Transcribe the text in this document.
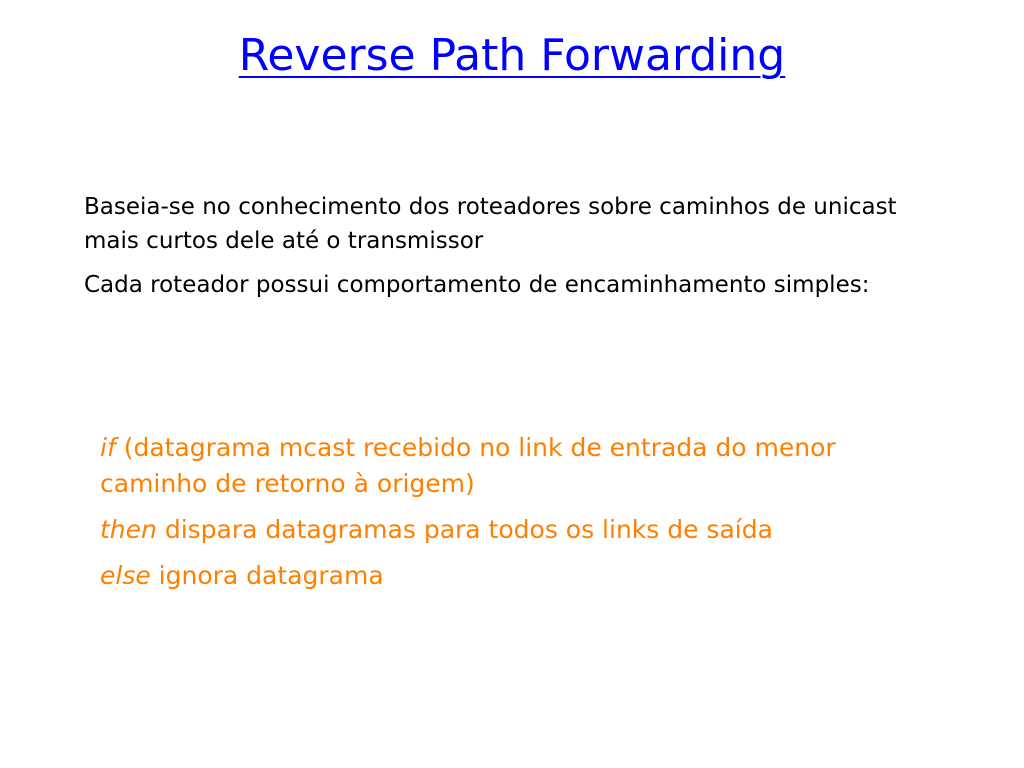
Reverse Path Forwarding
Baseia-se no conhecimento dos roteadores sobre caminhos de unicast mais curtos dele até o transmissor
Cada roteador possui comportamento de encaminhamento simples:
if (datagrama mcast recebido no link de entrada do menor caminho de retorno à origem)
then dispara datagramas para todos os links de saída
else ignora datagrama
